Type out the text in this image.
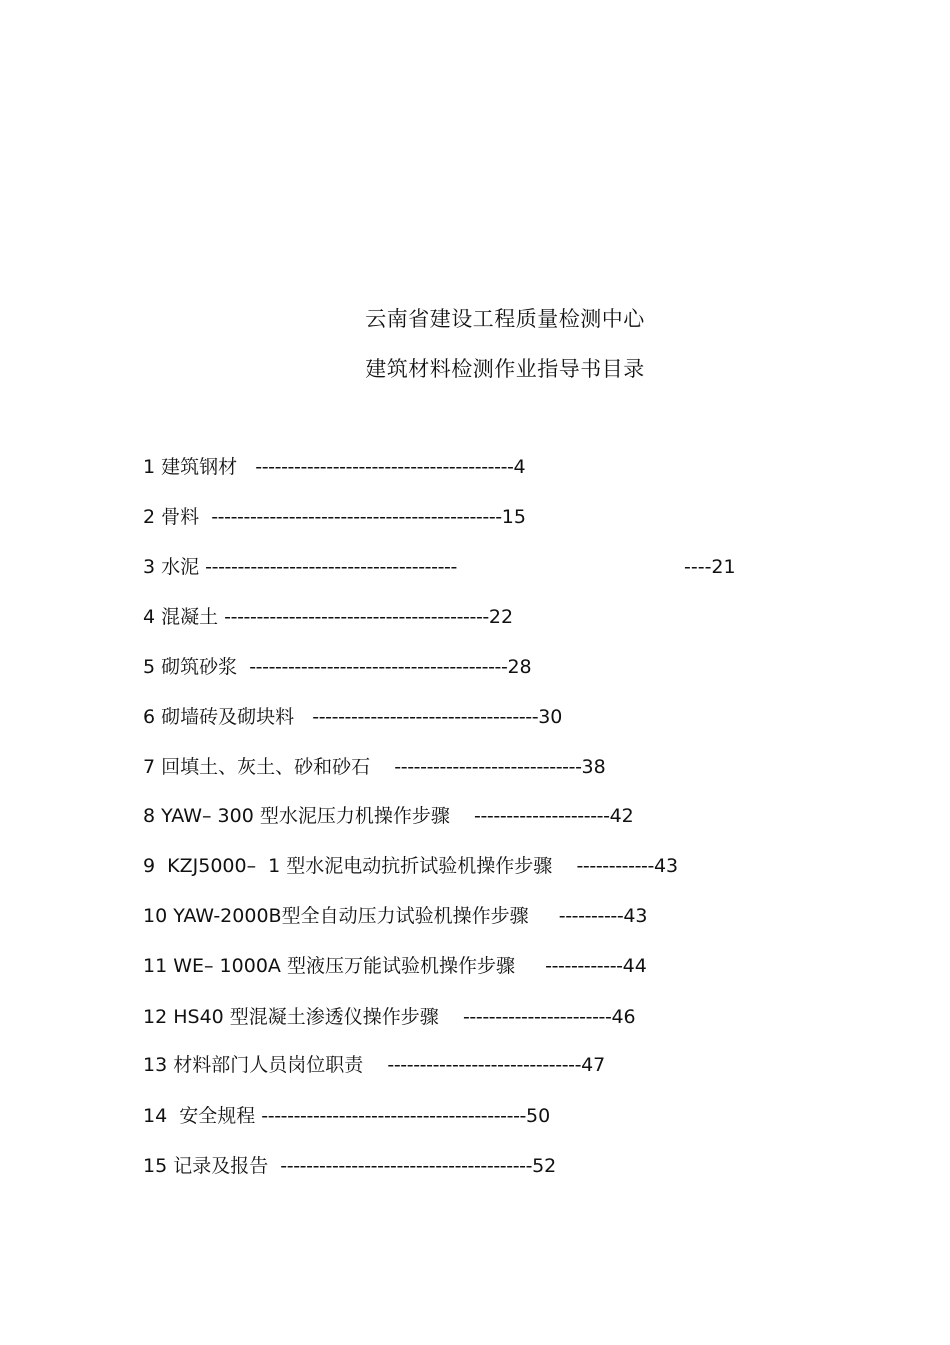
云南省建设工程质量检测中心
建筑材料检测作业指导书目录
1 建筑钢材   ----------------------------------------4
2 骨料  ---------------------------------------------15
3 水泥 ---------------------------------------	----21
4 混凝土 -----------------------------------------22
5 砌筑砂浆  ----------------------------------------28
6 砌墙砖及砌块料   -----------------------------------30
7 回填土、灰土、砂和砂石    -----------------------------38
8 YAW– 300 型水泥压力机操作步骤    ---------------------42
9  KZJ5000–  1 型水泥电动抗折试验机操作步骤    ------------43
10 YAW-2000B型全自动压力试验机操作步骤     ----------43
11 WE– 1000A 型液压万能试验机操作步骤     ------------44
12 HS40 型混凝土渗透仪操作步骤    -----------------------46
13 材料部门人员岗位职责    ------------------------------47
14  安全规程 -----------------------------------------50
15 记录及报告  ---------------------------------------52
